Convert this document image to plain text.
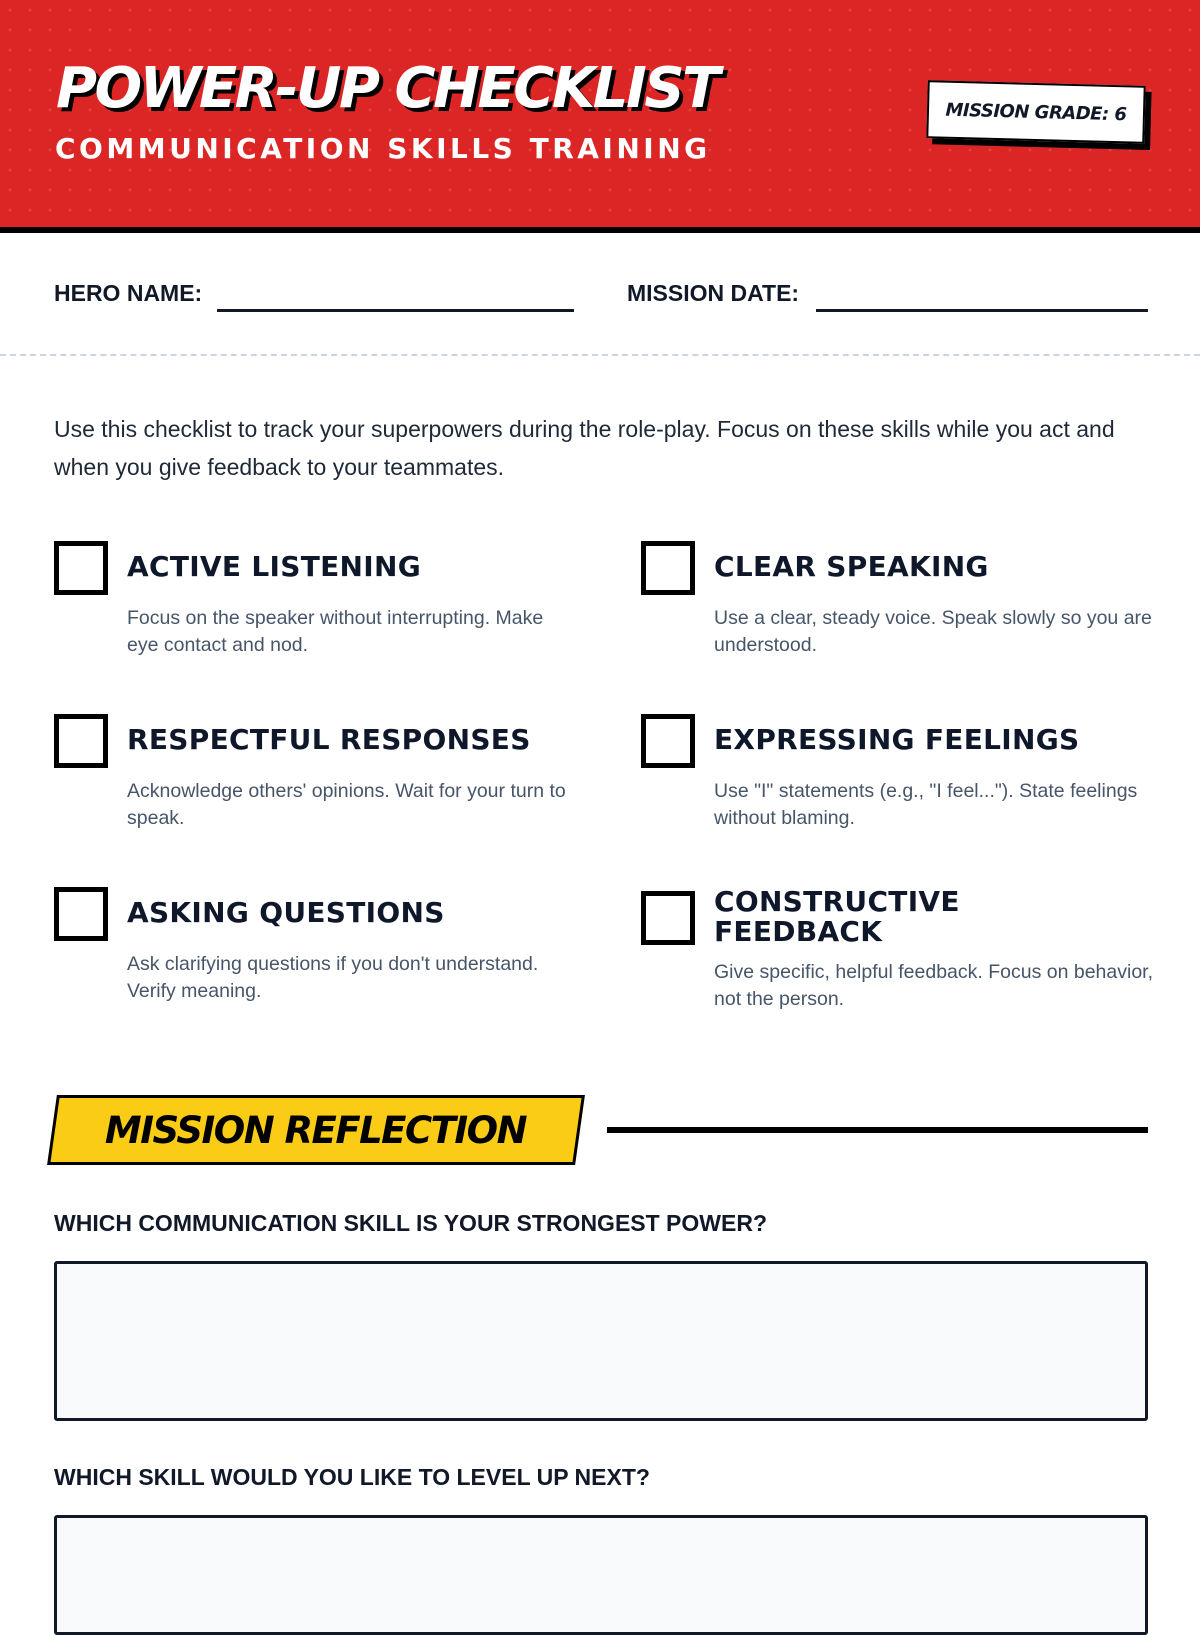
POWER-UP CHECKLIST
COMMUNICATION SKILLS TRAINING
MISSION GRADE: 6
HERO NAME:	MISSION DATE:

Use this checklist to track your superpowers during the role-play. Focus on these skills while you act and when you give feedback to your teammates.

ACTIVE LISTENING

Focus on the speaker without interrupting. Make eye contact and nod.

CLEAR SPEAKING

Use a clear, steady voice. Speak slowly so you are understood.

RESPECTFUL RESPONSES

Acknowledge others' opinions. Wait for your turn to speak.

EXPRESSING FEELINGS

Use "I" statements (e.g., "I feel..."). State feelings without blaming.

ASKING QUESTIONS

Ask clarifying questions if you don't understand. Verify meaning.

CONSTRUCTIVE FEEDBACK

Give specific, helpful feedback. Focus on behavior, not the person.

MISSION REFLECTION
WHICH COMMUNICATION SKILL IS YOUR STRONGEST POWER?
WHICH SKILL WOULD YOU LIKE TO LEVEL UP NEXT?
